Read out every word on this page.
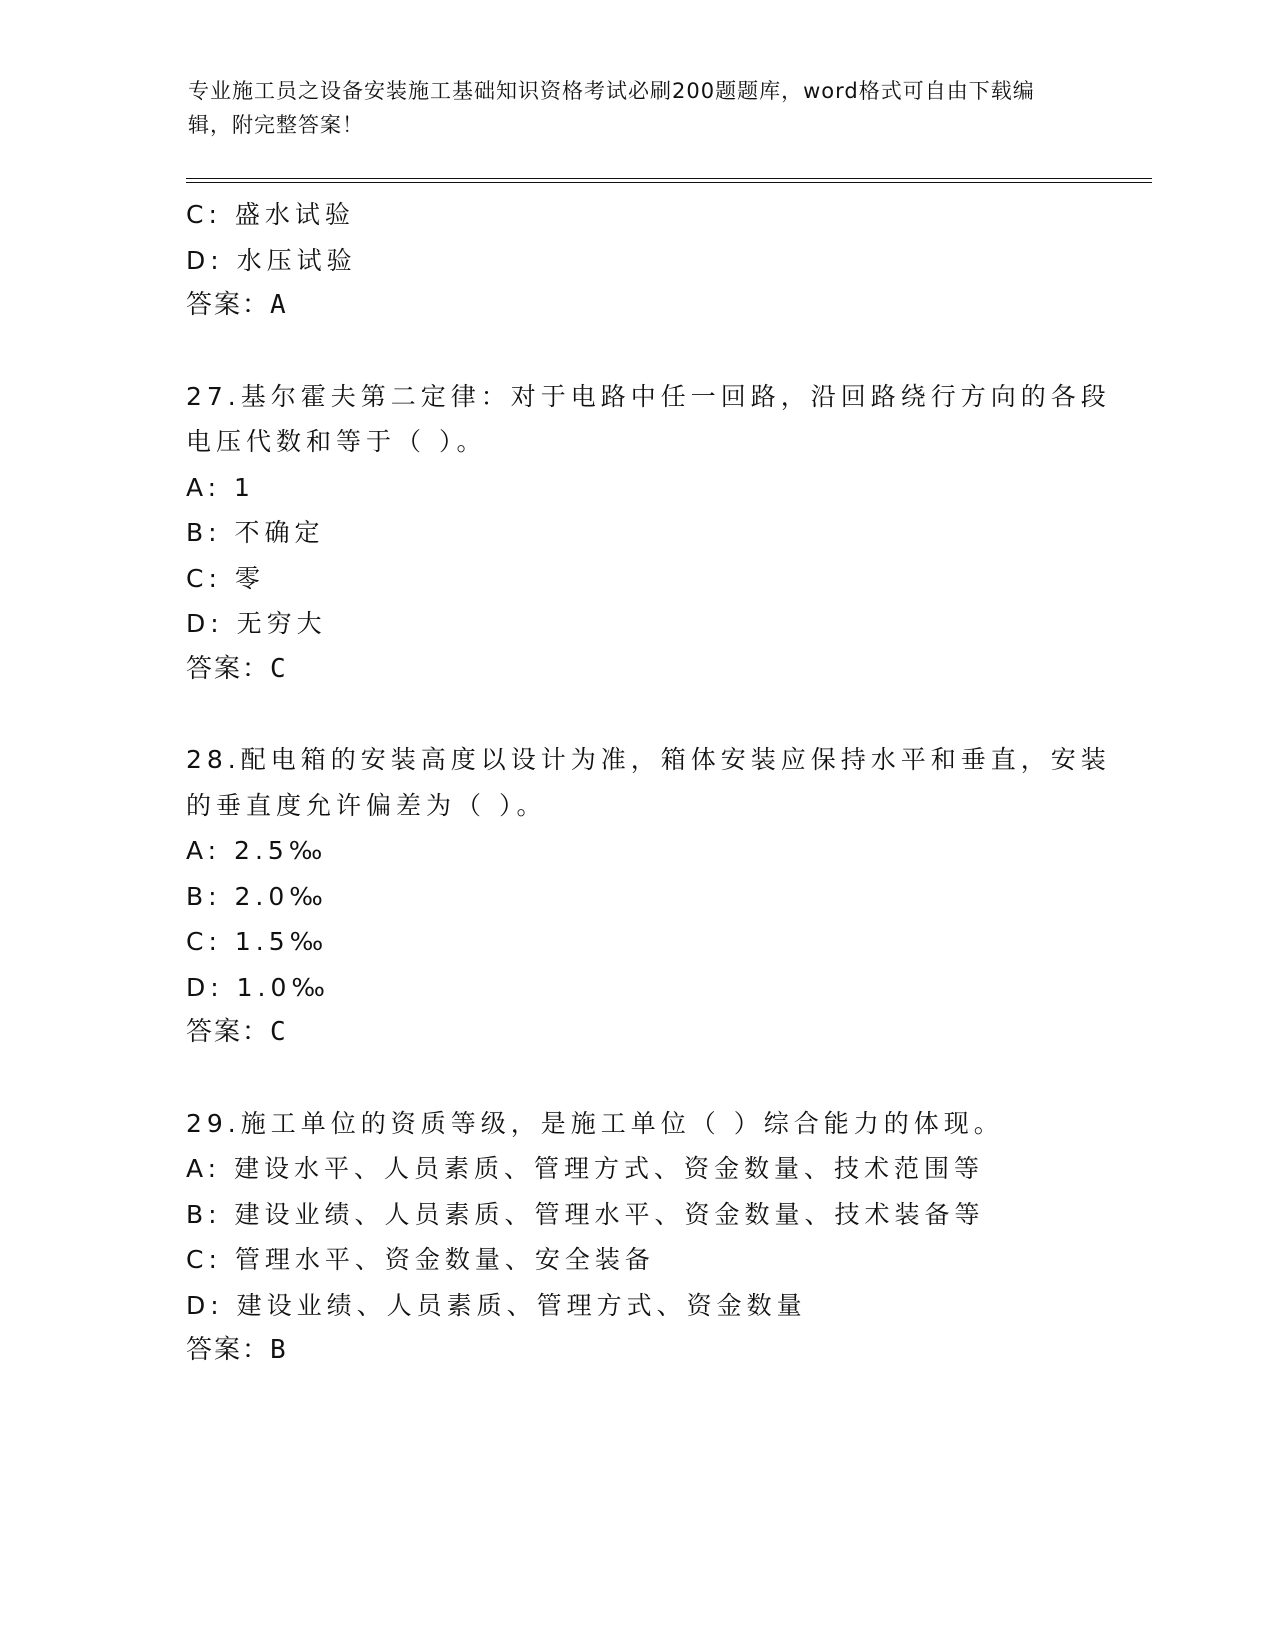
专业施工员之设备安装施工基础知识资格考试必刷200题题库，word格式可自由下载编辑，附完整答案！
C: 盛水试验
D: 水压试验
答案：A
27.基尔霍夫第二定律：对于电路中任一回路，沿回路绕行方向的各段
电压代数和等于（ ）。
A: 1
B: 不确定
C: 零
D: 无穷大
答案：C
28.配电箱的安装高度以设计为准，箱体安装应保持水平和垂直，安装
的垂直度允许偏差为（ ）。
A: 2.5‰
B: 2.0‰
C: 1.5‰
D: 1.0‰
答案：C
29.施工单位的资质等级，是施工单位（ ）综合能力的体现。
A: 建设水平、人员素质、管理方式、资金数量、技术范围等
B: 建设业绩、人员素质、管理水平、资金数量、技术装备等
C: 管理水平、资金数量、安全装备
D: 建设业绩、人员素质、管理方式、资金数量
答案：B
